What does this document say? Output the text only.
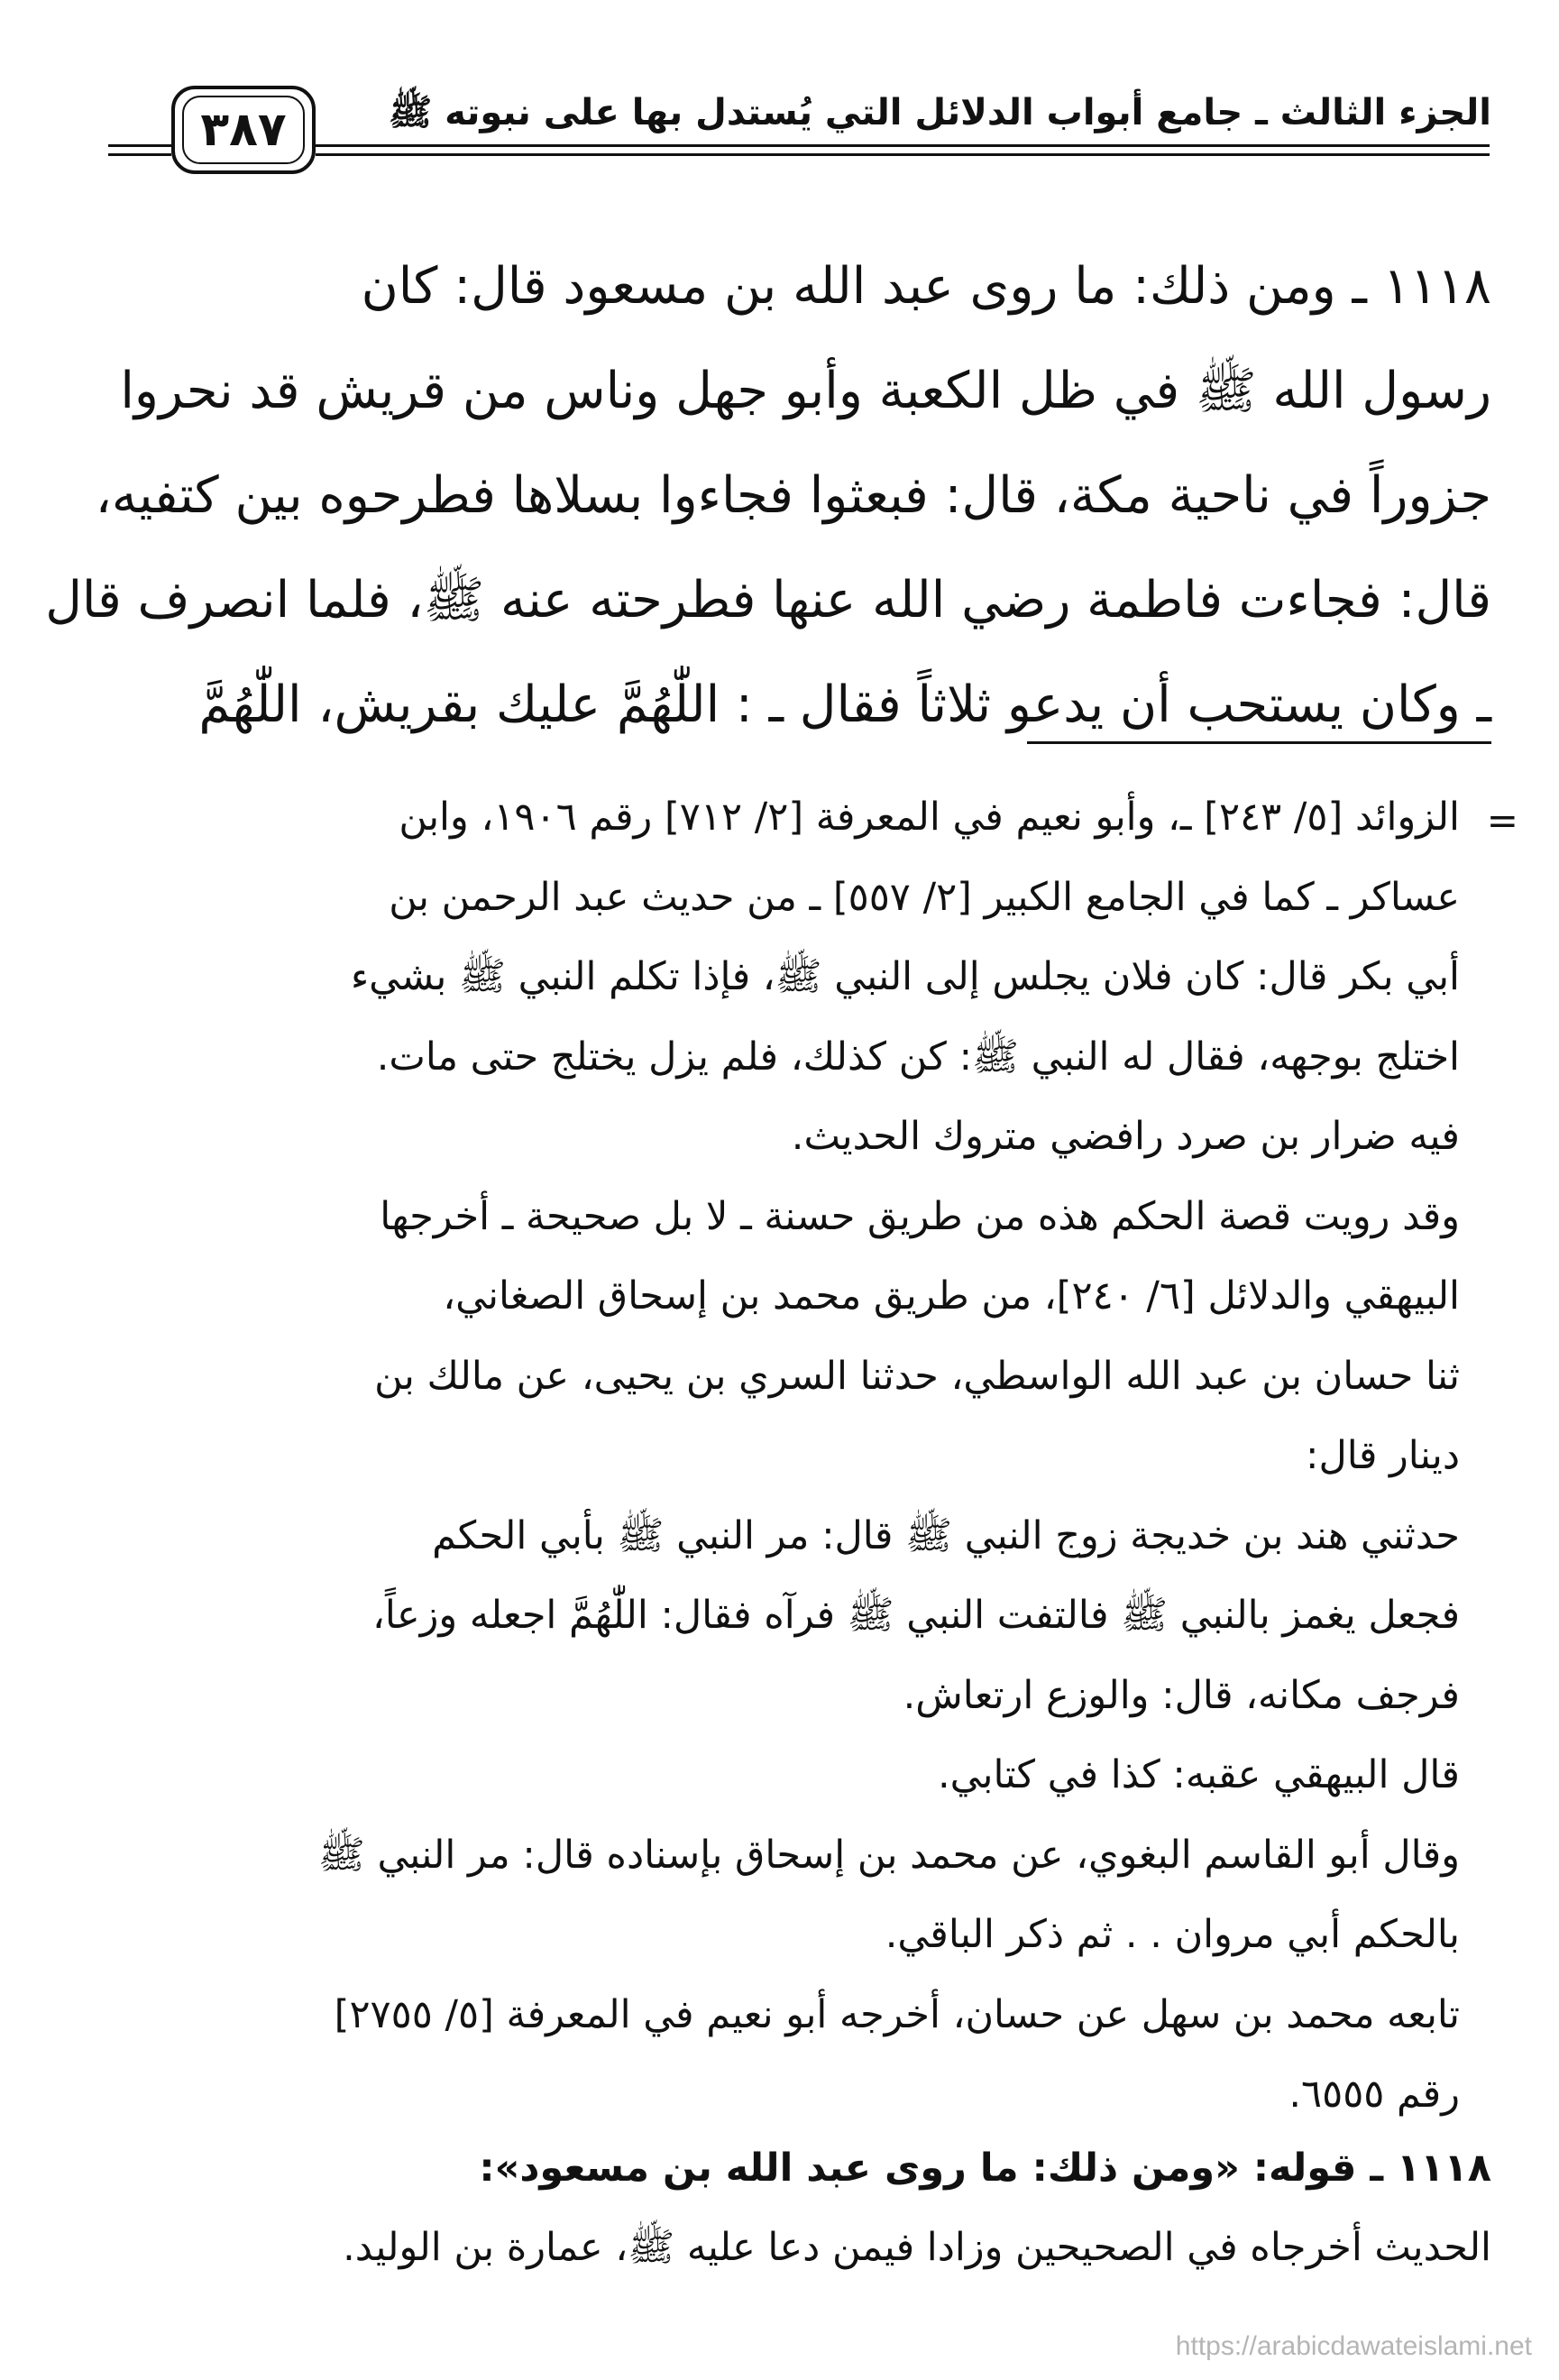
الجزء الثالث ـ جامع أبواب الدلائل التي يُستدل بها على نبوته ﷺ
٣٨٧
١١١٨ ـ ومن ذلك: ما روى عبد الله بن مسعود قال: كان
رسول الله ﷺ في ظل الكعبة وأبو جهل وناس من قريش قد نحروا
جزوراً في ناحية مكة، قال: فبعثوا فجاءوا بسلاها فطرحوه بين كتفيه،
قال: فجاءت فاطمة رضي الله عنها فطرحته عنه ﷺ، فلما انصرف قال
ـ وكان يستحب أن يدعو ثلاثاً فقال ـ : اللّٰهُمَّ عليك بقريش، اللّٰهُمَّ
=
الزوائد [٥/ ٢٤٣] ـ، وأبو نعيم في المعرفة [٢/ ٧١٢] رقم ١٩٠٦، وابن
عساكر ـ كما في الجامع الكبير [٢/ ٥٥٧] ـ من حديث عبد الرحمن بن
أبي بكر قال: كان فلان يجلس إلى النبي ﷺ، فإذا تكلم النبي ﷺ بشيء
اختلج بوجهه، فقال له النبي ﷺ: كن كذلك، فلم يزل يختلج حتى مات.
فيه ضرار بن صرد رافضي متروك الحديث.
وقد رويت قصة الحكم هذه من طريق حسنة ـ لا بل صحيحة ـ أخرجها
البيهقي والدلائل [٦/ ٢٤٠]، من طريق محمد بن إسحاق الصغاني،
ثنا حسان بن عبد الله الواسطي، حدثنا السري بن يحيى، عن مالك بن
دينار قال:
حدثني هند بن خديجة زوج النبي ﷺ قال: مر النبي ﷺ بأبي الحكم
فجعل يغمز بالنبي ﷺ فالتفت النبي ﷺ فرآه فقال: اللّٰهُمَّ اجعله وزعاً،
فرجف مكانه، قال: والوزع ارتعاش.
قال البيهقي عقبه: كذا في كتابي.
وقال أبو القاسم البغوي، عن محمد بن إسحاق بإسناده قال: مر النبي ﷺ
بالحكم أبي مروان . . ثم ذكر الباقي.
تابعه محمد بن سهل عن حسان، أخرجه أبو نعيم في المعرفة [٥/ ٢٧٥٥]
رقم ٦٥٥٥.
١١١٨ ـ قوله: «ومن ذلك: ما روى عبد الله بن مسعود»:
الحديث أخرجاه في الصحيحين وزادا فيمن دعا عليه ﷺ، عمارة بن الوليد.
https://arabicdawateislami.net
